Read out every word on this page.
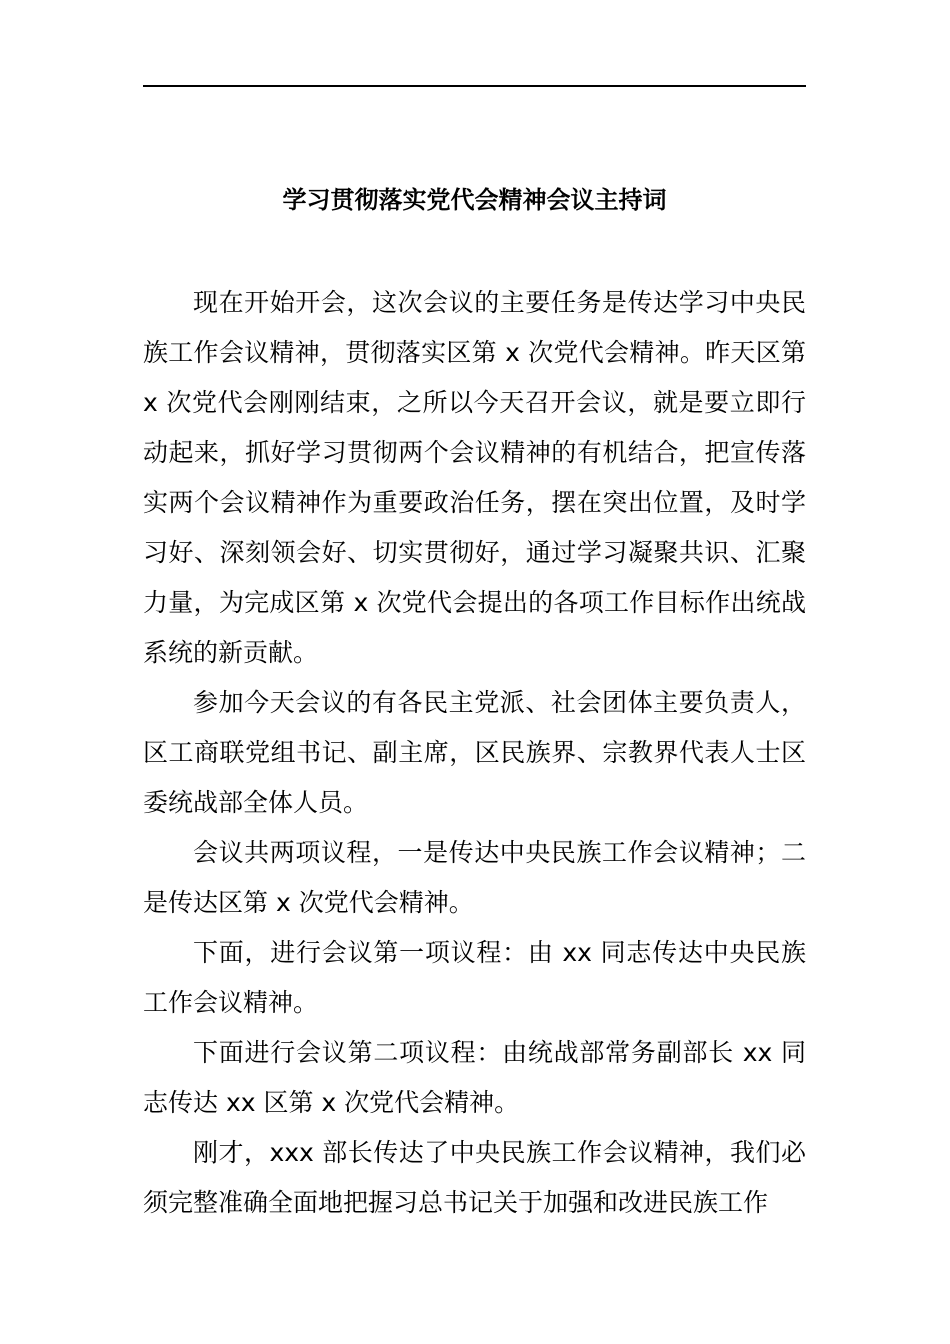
学习贯彻落实党代会精神会议主持词

现在开始开会，这次会议的主要任务是传达学习中央民族工作会议精神，贯彻落实区第 x 次党代会精神。昨天区第 x 次党代会刚刚结束，之所以今天召开会议，就是要立即行动起来，抓好学习贯彻两个会议精神的有机结合，把宣传落实两个会议精神作为重要政治任务，摆在突出位置，及时学习好、深刻领会好、切实贯彻好，通过学习凝聚共识、汇聚力量，为完成区第 x 次党代会提出的各项工作目标作出统战系统的新贡献。

参加今天会议的有各民主党派、社会团体主要负责人，区工商联党组书记、副主席，区民族界、宗教界代表人士区委统战部全体人员。

会议共两项议程，一是传达中央民族工作会议精神；二是传达区第 x 次党代会精神。

下面，进行会议第一项议程：由 xx 同志传达中央民族工作会议精神。

下面进行会议第二项议程：由统战部常务副部长 xx 同志传达 xx 区第 x 次党代会精神。

刚才，xxx 部长传达了中央民族工作会议精神，我们必须完整准确全面地把握习总书记关于加强和改进民族工作
